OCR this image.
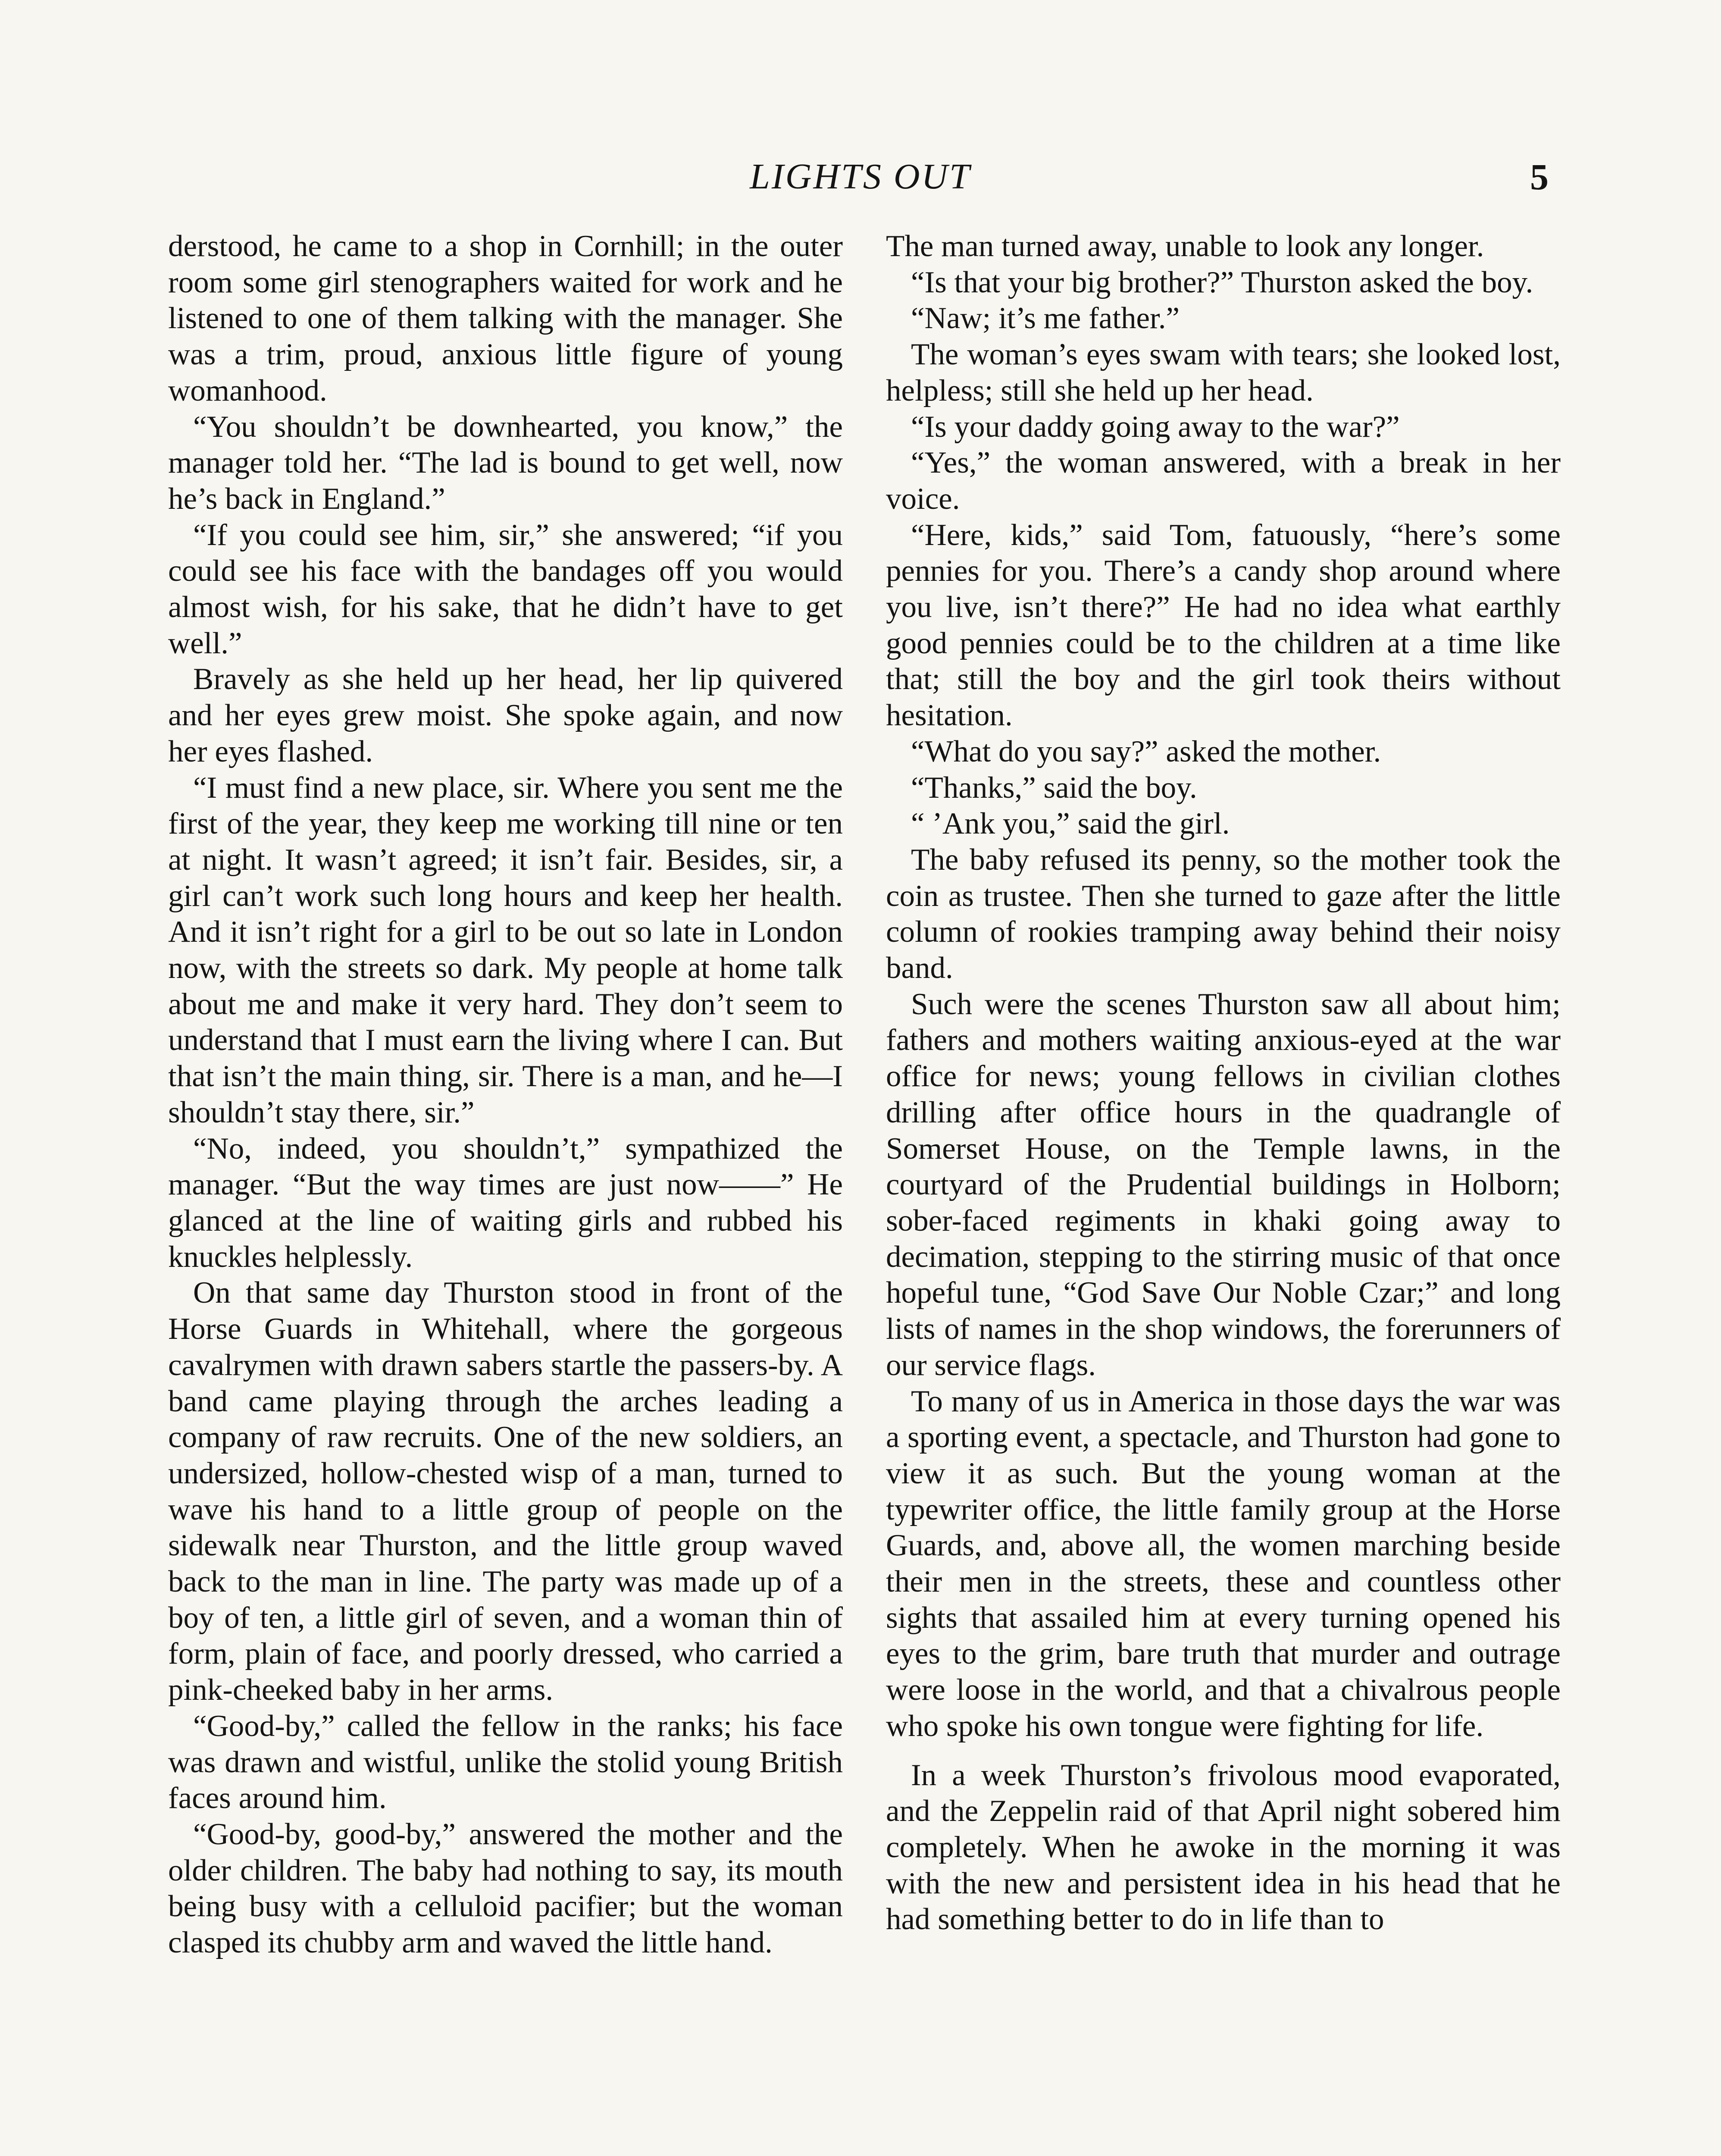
LIGHTS OUT	5

derstood, he came to a shop in Cornhill; in the outer room some girl stenographers waited for work and he listened to one of them talking with the manager. She was a trim, proud, anxious little figure of young womanhood.

“You shouldn’t be downhearted, you know,” the manager told her. “The lad is bound to get well, now he’s back in England.”

“If you could see him, sir,” she answered; “if you could see his face with the bandages off you would almost wish, for his sake, that he didn’t have to get well.”

Bravely as she held up her head, her lip quivered and her eyes grew moist. She spoke again, and now her eyes flashed.

“I must find a new place, sir. Where you sent me the first of the year, they keep me working till nine or ten at night. It wasn’t agreed; it isn’t fair. Besides, sir, a girl can’t work such long hours and keep her health. And it isn’t right for a girl to be out so late in London now, with the streets so dark. My people at home talk about me and make it very hard. They don’t seem to understand that I must earn the living where I can. But that isn’t the main thing, sir. There is a man, and he—I shouldn’t stay there, sir.”

“No, indeed, you shouldn’t,” sympathized the manager. “But the way times are just now——” He glanced at the line of waiting girls and rubbed his knuckles helplessly.

On that same day Thurston stood in front of the Horse Guards in Whitehall, where the gorgeous cavalrymen with drawn sabers startle the passers-by. A band came playing through the arches leading a company of raw recruits. One of the new soldiers, an undersized, hollow-chested wisp of a man, turned to wave his hand to a little group of people on the sidewalk near Thurston, and the little group waved back to the man in line. The party was made up of a boy of ten, a little girl of seven, and a woman thin of form, plain of face, and poorly dressed, who carried a pink-cheeked baby in her arms.

“Good-by,” called the fellow in the ranks; his face was drawn and wistful, unlike the stolid young British faces around him.

“Good-by, good-by,” answered the mother and the older children. The baby had nothing to say, its mouth being busy with a celluloid pacifier; but the woman clasped its chubby arm and waved the little hand.

The man turned away, unable to look any longer.

“Is that your big brother?” Thurston asked the boy.

“Naw; it’s me father.”

The woman’s eyes swam with tears; she looked lost, helpless; still she held up her head.

“Is your daddy going away to the war?”

“Yes,” the woman answered, with a break in her voice.

“Here, kids,” said Tom, fatuously, “here’s some pennies for you. There’s a candy shop around where you live, isn’t there?” He had no idea what earthly good pennies could be to the children at a time like that; still the boy and the girl took theirs without hesitation.

“What do you say?” asked the mother.

“Thanks,” said the boy.

“ ’Ank you,” said the girl.

The baby refused its penny, so the mother took the coin as trustee. Then she turned to gaze after the little column of rookies tramping away behind their noisy band.

Such were the scenes Thurston saw all about him; fathers and mothers waiting anxious-eyed at the war office for news; young fellows in civilian clothes drilling after office hours in the quadrangle of Somerset House, on the Temple lawns, in the courtyard of the Prudential buildings in Holborn; sober-faced regiments in khaki going away to decimation, stepping to the stirring music of that once hopeful tune, “God Save Our Noble Czar;” and long lists of names in the shop windows, the forerunners of our service flags.

To many of us in America in those days the war was a sporting event, a spectacle, and Thurston had gone to view it as such. But the young woman at the typewriter office, the little family group at the Horse Guards, and, above all, the women marching beside their men in the streets, these and countless other sights that assailed him at every turning opened his eyes to the grim, bare truth that murder and outrage were loose in the world, and that a chivalrous people who spoke his own tongue were fighting for life.

In a week Thurston’s frivolous mood evaporated, and the Zeppelin raid of that April night sobered him completely. When he awoke in the morning it was with the new and persistent idea in his head that he had something better to do in life than to
